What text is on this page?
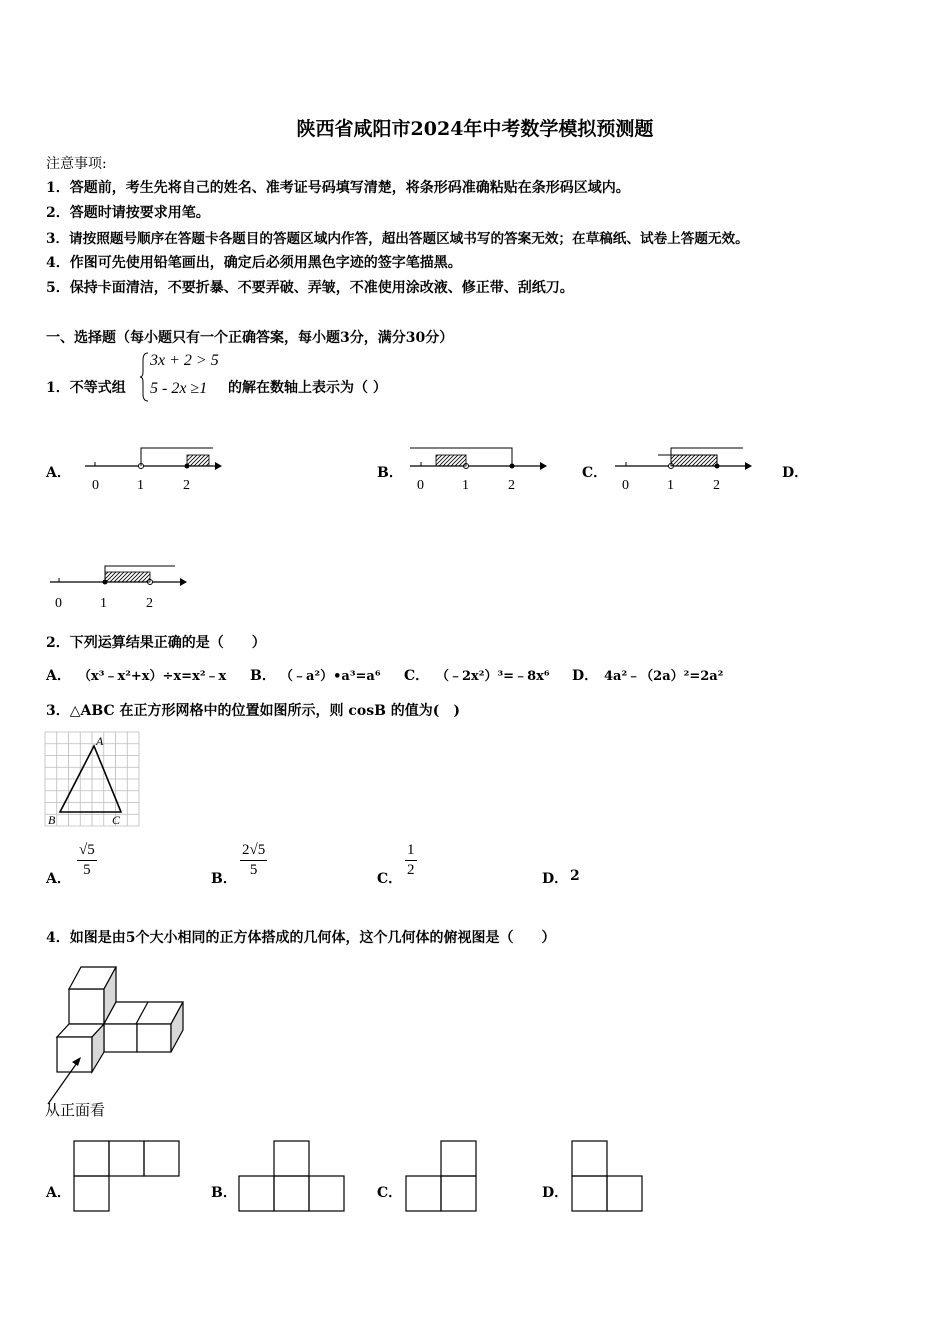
陕西省咸阳市2024年中考数学模拟预测题
注意事项:
1．答题前，考生先将自己的姓名、准考证号码填写清楚，将条形码准确粘贴在条形码区域内。
2．答题时请按要求用笔。
3．请按照题号顺序在答题卡各题目的答题区域内作答，超出答题区域书写的答案无效；在草稿纸、试卷上答题无效。
4．作图可先使用铅笔画出，确定后必须用黑色字迹的签字笔描黑。
5．保持卡面清洁，不要折暴、不要弄破、弄皱，不准使用涂改液、修正带、刮纸刀。
一、选择题（每小题只有一个正确答案，每小题3分，满分30分）
1．不等式组
3x + 2 > 5
5 - 2x ≥1 的解在数轴上表示为（ ）
A．
0	1	2
B．
0	1	2
C．
0	1	2
D．
0	1	2
2．下列运算结果正确的是（　　）
A． （x³﹣x²+x）÷x=x²﹣x B． （﹣a²）•a³=a⁶ C． （﹣2x²）³=﹣8x⁶ D． 4a²﹣（2a）²=2a²
3．△ABC 在正方形网格中的位置如图所示，则 cosB 的值为(　)
A
B	C
A．
√5
5
B．
2√5
5
C．
1
2
D． 2
4．如图是由5个大小相同的正方体搭成的几何体，这个几何体的俯视图是（　　）
从正面看
A．	B．	C．	D．
